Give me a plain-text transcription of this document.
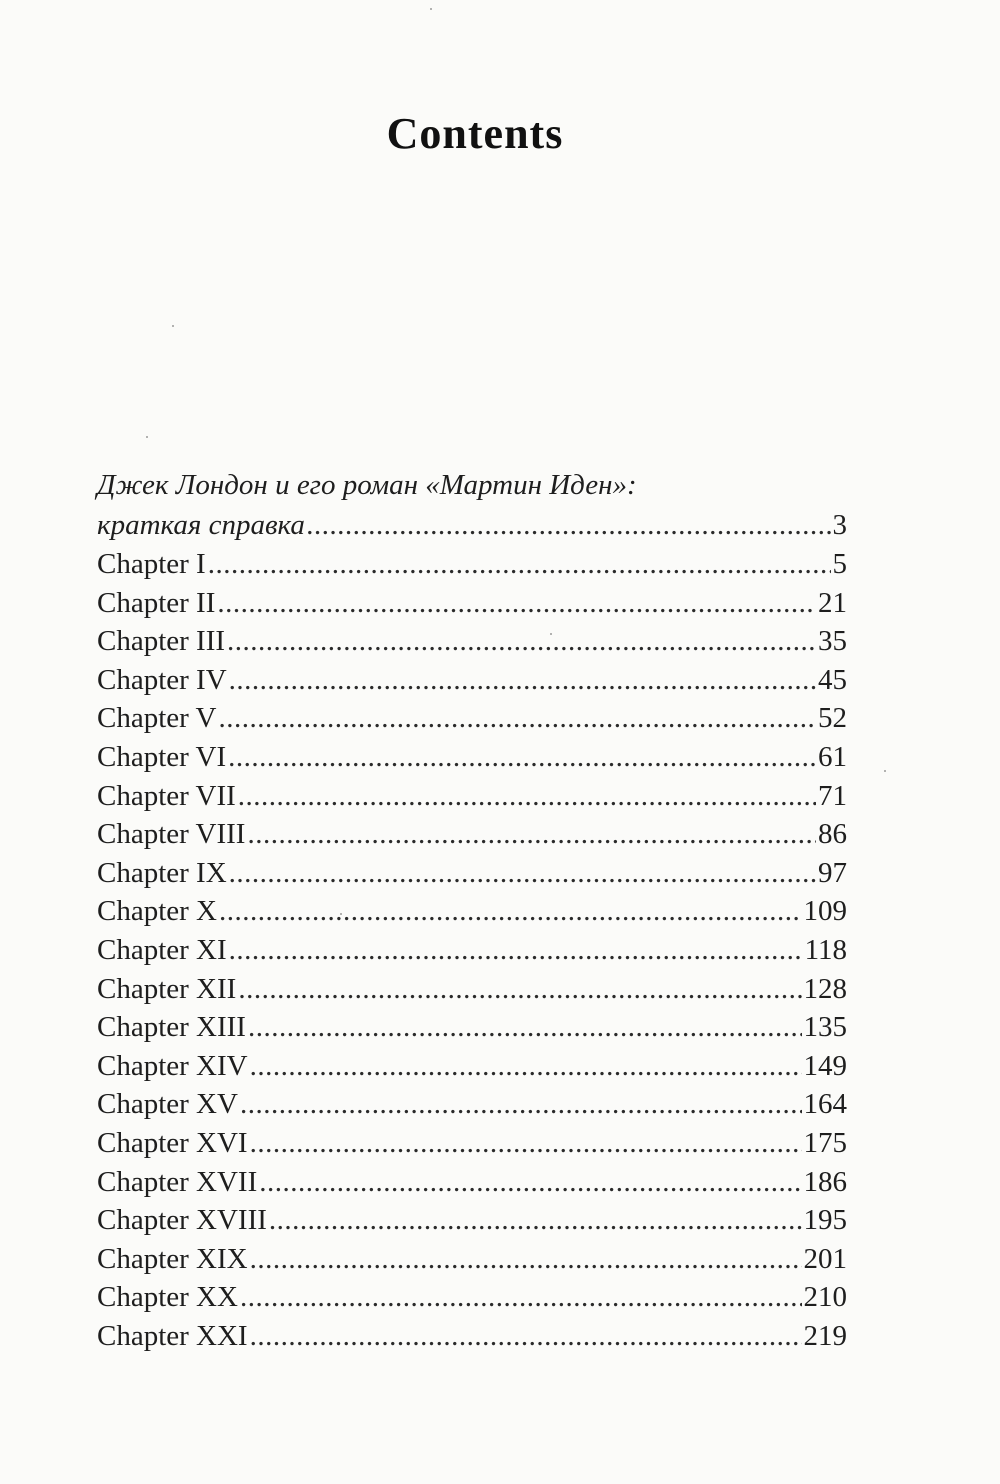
Contents
Джек Лондон и его роман «Мартин Иден»:
краткая справка .....	3
Chapter I .....	5
Chapter II .....	21
Chapter III .....	35
Chapter IV .....	45
Chapter V .....	52
Chapter VI .....	61
Chapter VII .....	71
Chapter VIII .....	86
Chapter IX .....	97
Chapter X .....	109
Chapter XI .....	118
Chapter XII .....	128
Chapter XIII .....	135
Chapter XIV .....	149
Chapter XV .....	164
Chapter XVI .....	175
Chapter XVII .....	186
Chapter XVIII .....	195
Chapter XIX .....	201
Chapter XX .....	210
Chapter XXI .....	219
